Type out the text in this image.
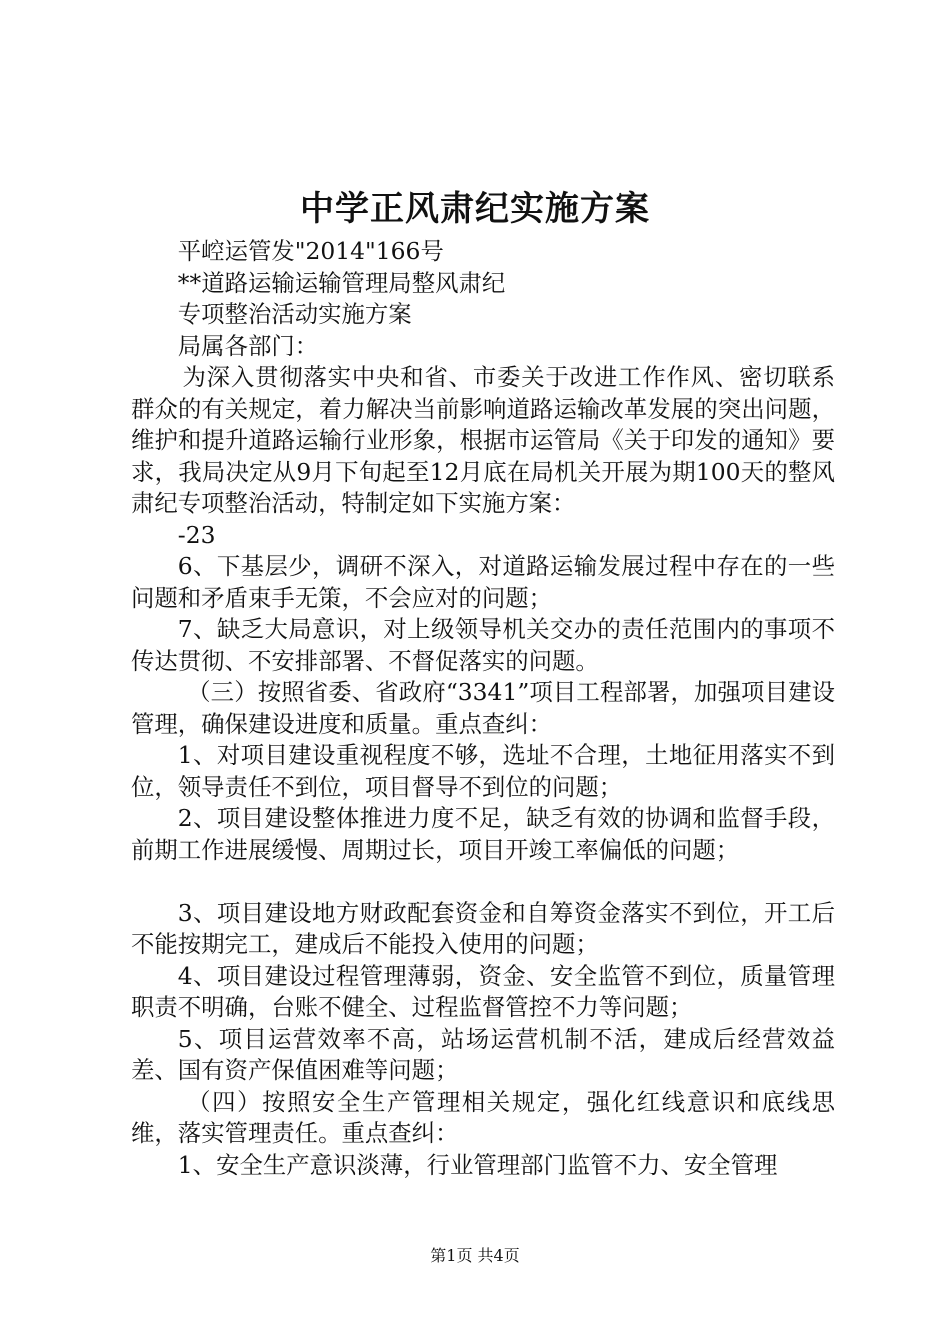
中学正风肃纪实施方案

平崆运管发"2014"166号

**道路运输运输管理局整风肃纪

专项整治活动实施方案

局属各部门：

为深入贯彻落实中央和省、市委关于改进工作作风、密切联系群众的有关规定，着力解决当前影响道路运输改革发展的突出问题，维护和提升道路运输行业形象，根据市运管局《关于印发的通知》要求，我局决定从9月下旬起至12月底在局机关开展为期100天的整风肃纪专项整治活动，特制定如下实施方案：

-23

6、下基层少，调研不深入，对道路运输发展过程中存在的一些问题和矛盾束手无策，不会应对的问题；

7、缺乏大局意识，对上级领导机关交办的责任范围内的事项不传达贯彻、不安排部署、不督促落实的问题。

（三）按照省委、省政府“3341”项目工程部署，加强项目建设管理，确保建设进度和质量。重点查纠：

1、对项目建设重视程度不够，选址不合理，土地征用落实不到位，领导责任不到位，项目督导不到位的问题；

2、项目建设整体推进力度不足，缺乏有效的协调和监督手段，前期工作进展缓慢、周期过长，项目开竣工率偏低的问题；

3、项目建设地方财政配套资金和自筹资金落实不到位，开工后不能按期完工，建成后不能投入使用的问题；

4、项目建设过程管理薄弱，资金、安全监管不到位，质量管理职责不明确，台账不健全、过程监督管控不力等问题；

5、项目运营效率不高，站场运营机制不活，建成后经营效益差、国有资产保值困难等问题；

（四）按照安全生产管理相关规定，强化红线意识和底线思维，落实管理责任。重点查纠：

1、安全生产意识淡薄，行业管理部门监管不力、安全管理

第1页 共4页
